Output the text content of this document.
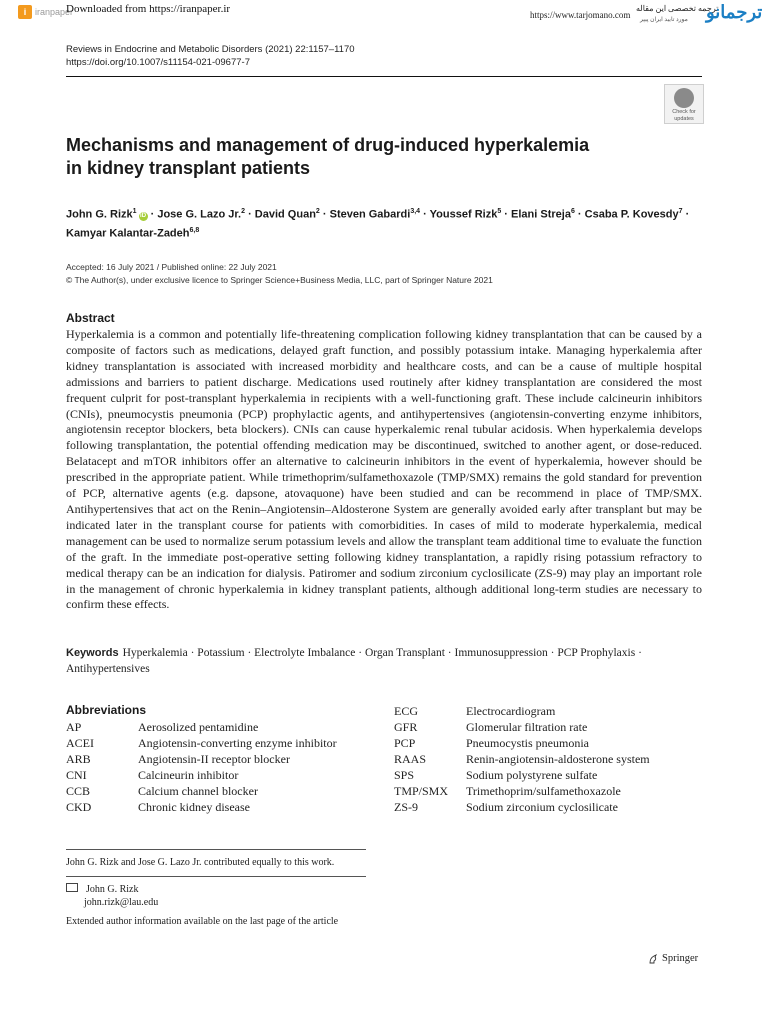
i iranpaper
Downloaded from https://iranpaper.ir	https://www.tarjomano.com
ترجمه تخصصی این مقاله
مورد تایید ایران پیپر ترجمانو
Reviews in Endocrine and Metabolic Disorders (2021) 22:1157–1170
https://doi.org/10.1007/s11154-021-09677-7
Check for
updates
Mechanisms and management of drug-induced hyperkalemia
in kidney transplant patients
John G. Rizk$^1$iD · Jose G. Lazo Jr.$^2$ · David Quan$^2$ · Steven Gabardi$^{3,4}$ · Youssef Rizk$^5$ · Elani Streja$^6$ · Csaba P. Kovesdy$^7$ ·
Kamyar Kalantar-Zadeh$^{6,8}$
Accepted: 16 July 2021 / Published online: 22 July 2021
© The Author(s), under exclusive licence to Springer Science+Business Media, LLC, part of Springer Nature 2021
Abstract
Hyperkalemia is a common and potentially life-threatening complication following kidney transplantation that can be caused by a composite of factors such as medications, delayed graft function, and possibly potassium intake. Managing hyperkalemia after kidney transplantation is associated with increased morbidity and healthcare costs, and can be a cause of multiple hospital admissions and barriers to patient discharge. Medications used routinely after kidney transplantation are considered the most frequent culprit for post-transplant hyperkalemia in recipients with a well-functioning graft. These include calcineurin inhibitors (CNIs), pneumocystis pneumonia (PCP) prophylactic agents, and antihypertensives (angiotensin-converting enzyme inhibitors, angiotensin receptor blockers, beta blockers). CNIs can cause hyperkalemic renal tubular acidosis. When hyperkalemia develops following transplantation, the potential offending medication may be discontinued, switched to another agent, or dose-reduced. Belatacept and mTOR inhibitors offer an alternative to calcineurin inhibitors in the event of hyperkalemia, however should be prescribed in the appropriate patient. While trimethoprim/sulfamethoxazole (TMP/SMX) remains the gold standard for prevention of PCP, alternative agents (e.g. dapsone, atovaquone) have been studied and can be recommend in place of TMP/SMX. Antihypertensives that act on the Renin–Angiotensin–Aldosterone System are generally avoided early after transplant but may be indicated later in the transplant course for patients with comorbidities. In cases of mild to moderate hyperkalemia, medical management can be used to normalize serum potassium levels and allow the transplant team additional time to evaluate the function of the graft. In the immediate post-operative setting following kidney transplantation, a rapidly rising potassium refractory to medical therapy can be an indication for dialysis. Patiromer and sodium zirconium cyclosilicate (ZS-9) may play an important role in the management of chronic hyperkalemia in kidney transplant patients, although additional long-term studies are necessary to confirm these effects.
Keywords Hyperkalemia · Potassium · Electrolyte Imbalance · Organ Transplant · Immunosuppression · PCP Prophylaxis · Antihypertensives
Abbreviations
AP	Aerosolized pentamidine
ACEI	Angiotensin-converting enzyme inhibitor
ARB	Angiotensin-II receptor blocker
CNI	Calcineurin inhibitor
CCB	Calcium channel blocker
CKD	Chronic kidney disease
ECG	Electrocardiogram
GFR	Glomerular filtration rate
PCP	Pneumocystis pneumonia
RAAS	Renin-angiotensin-aldosterone system
SPS	Sodium polystyrene sulfate
TMP/SMX Trimethoprim/sulfamethoxazole
ZS-9	Sodium zirconium cyclosilicate
John G. Rizk and Jose G. Lazo Jr. contributed equally to this work.
John G. Rizk
john.rizk@lau.edu
Extended author information available on the last page of the article
Springer
